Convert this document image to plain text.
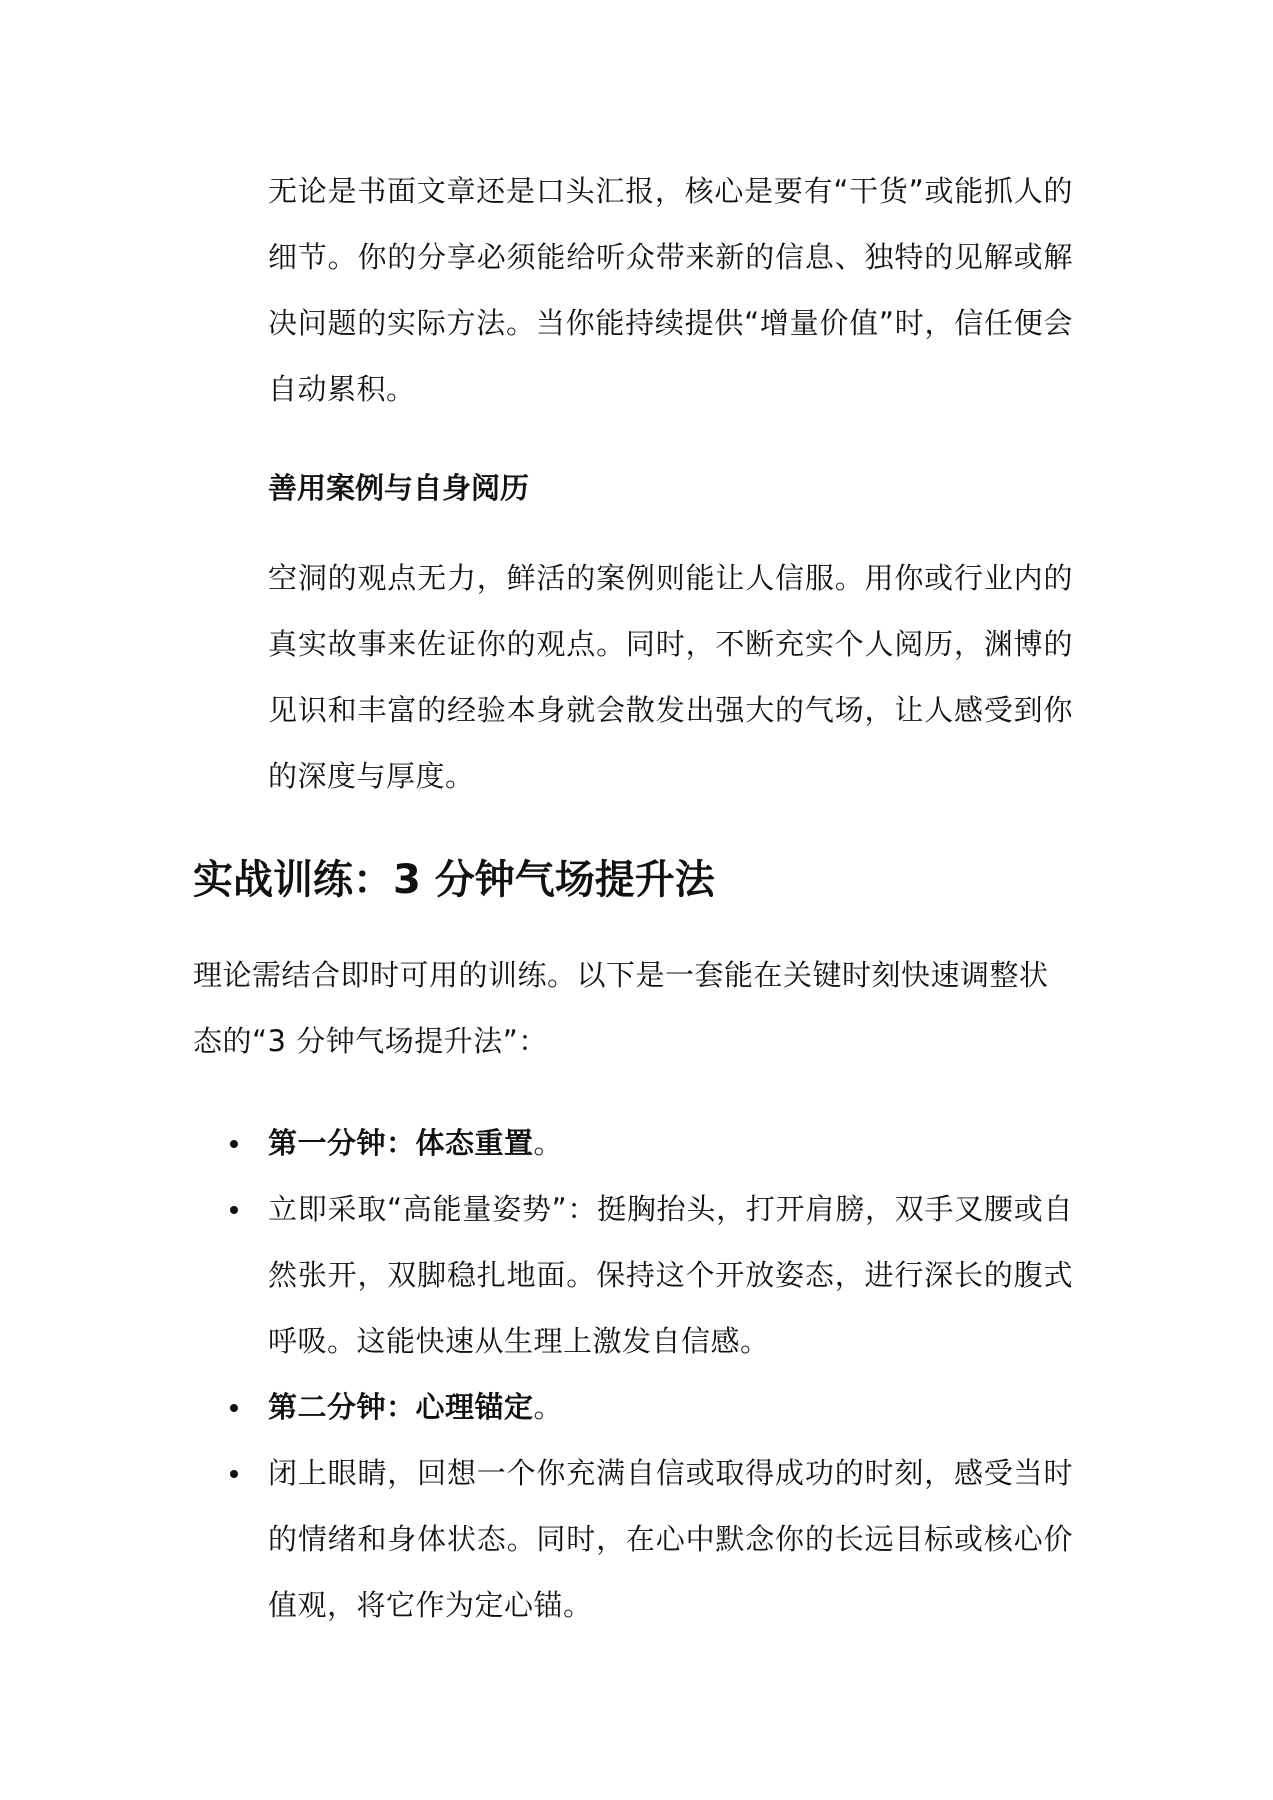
无论是书面文章还是口头汇报，核心是要有“干货”或能抓人的细节。你的分享必须能给听众带来新的信息、独特的见解或解决问题的实际方法。当你能持续提供“增量价值”时，信任便会自动累积。

善用案例与自身阅历

空洞的观点无力，鲜活的案例则能让人信服。用你或行业内的真实故事来佐证你的观点。同时，不断充实个人阅历，渊博的见识和丰富的经验本身就会散发出强大的气场，让人感受到你的深度与厚度。

实战训练：3 分钟气场提升法

理论需结合即时可用的训练。以下是一套能在关键时刻快速调整状态的“3 分钟气场提升法”：

第一分钟：体态重置。
立即采取“高能量姿势”：挺胸抬头，打开肩膀，双手叉腰或自然张开，双脚稳扎地面。保持这个开放姿态，进行深长的腹式呼吸。这能快速从生理上激发自信感。
第二分钟：心理锚定。
闭上眼睛，回想一个你充满自信或取得成功的时刻，感受当时的情绪和身体状态。同时，在心中默念你的长远目标或核心价值观，将它作为定心锚。
